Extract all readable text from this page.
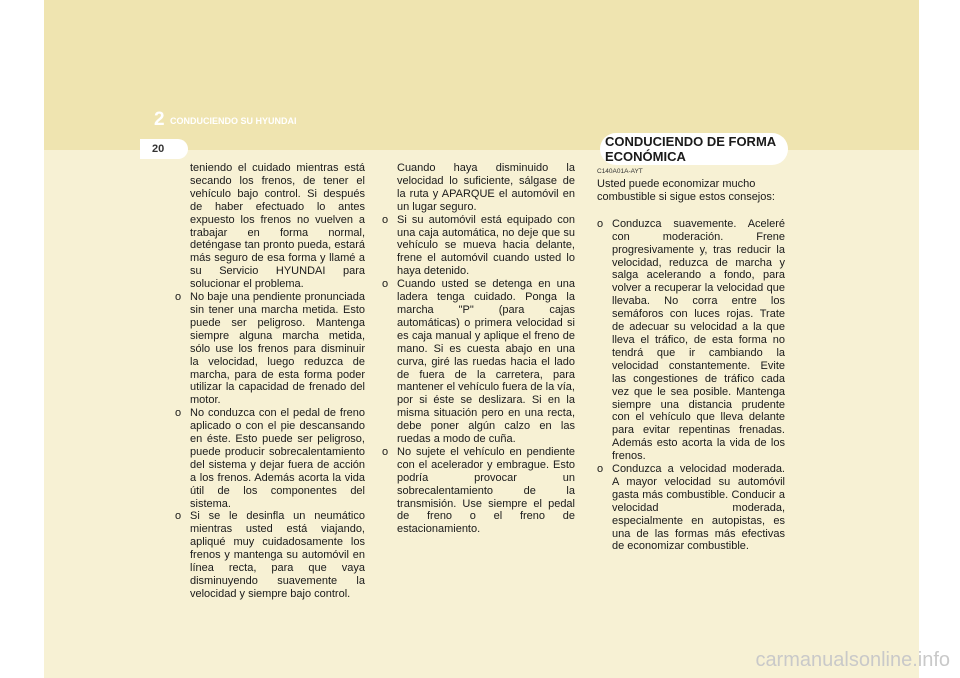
2 CONDUCIENDO SU HYUNDAI
20	CONDUCIENDO DE FORMA
ECONÓMICA
C140A01A-AYT

teniendo el cuidado mientras está secando los frenos, de tener el vehículo bajo control. Si después de haber efectuado lo antes expuesto los frenos no vuelven a trabajar en forma normal, deténgase tan pronto pueda, estará más seguro de esa forma y llamé a su Servicio HYUNDAI para solucionar el problema.

o No baje una pendiente pronunciada sin tener una marcha metida. Esto puede ser peligroso. Mantenga siempre alguna marcha metida, sólo use los frenos para disminuir la velocidad, luego reduzca de marcha, para de esta forma poder utilizar la capacidad de frenado del motor.

o No conduzca con el pedal de freno aplicado o con el pie descansando en éste. Esto puede ser peligroso, puede producir sobrecalentamiento del sistema y dejar fuera de acción a los frenos. Además acorta la vida útil de los componentes del sistema.

o Si se le desinfla un neumático mientras usted está viajando, apliqué muy cuidadosamente los frenos y mantenga su automóvil en línea recta, para que vaya disminuyendo suavemente la velocidad y siempre bajo control.

Cuando haya disminuido la velocidad lo suficiente, sálgase de la ruta y APARQUE el automóvil en un lugar seguro.

o Si su automóvil está equipado con una caja automática, no deje que su vehículo se mueva hacia delante, frene el automóvil cuando usted lo haya detenido.

o Cuando usted se detenga en una ladera tenga cuidado. Ponga la marcha "P" (para cajas automáticas) o primera velocidad si es caja manual y aplique el freno de mano. Si es cuesta abajo en una curva, giré las ruedas hacia el lado de fuera de la carretera, para mantener el vehículo fuera de la vía, por si éste se deslizara. Si en la misma situación pero en una recta, debe poner algún calzo en las ruedas a modo de cuña.

o No sujete el vehículo en pendiente con el acelerador y embrague. Esto podría provocar un sobrecalentamiento de la transmisión. Use siempre el pedal de freno o el freno de estacionamiento.

Usted puede economizar mucho combustible si sigue estos consejos:

o Conduzca suavemente. Aceleré con moderación. Frene progresivamente y, tras reducir la velocidad, reduzca de marcha y salga acelerando a fondo, para volver a recuperar la velocidad que llevaba. No corra entre los semáforos con luces rojas. Trate de adecuar su velocidad a la que lleva el tráfico, de esta forma no tendrá que ir cambiando la velocidad constantemente. Evite las congestiones de tráfico cada vez que le sea posible. Mantenga siempre una distancia prudente con el vehículo que lleva delante para evitar repentinas frenadas. Además esto acorta la vida de los frenos.

o Conduzca a velocidad moderada. A mayor velocidad su automóvil gasta más combustible. Conducir a velocidad moderada, especialmente en autopistas, es una de las formas más efectivas de economizar combustible.

carmanualsonline.info
